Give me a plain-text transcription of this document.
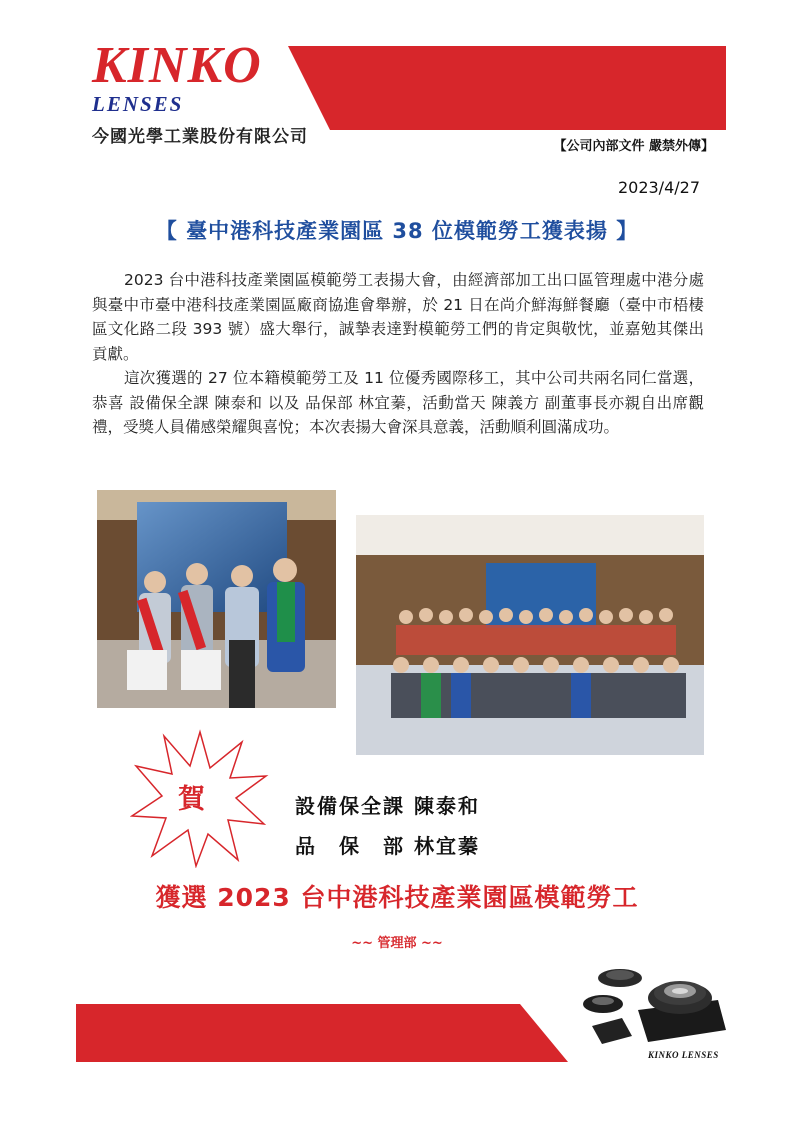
KINKO
LENSES
今國光學工業股份有限公司	【公司內部文件 嚴禁外傳】
2023/4/27
【 臺中港科技產業園區 38 位模範勞工獲表揚 】

2023 台中港科技產業園區模範勞工表揚大會，由經濟部加工出口區管理處中港分處與臺中市臺中港科技產業園區廠商協進會舉辦，於 21 日在尚介鮮海鮮餐廳（臺中市梧棲區文化路二段 393 號）盛大舉行，誠摯表達對模範勞工們的肯定與敬忱，並嘉勉其傑出貢獻。

這次獲選的 27 位本籍模範勞工及 11 位優秀國際移工，其中公司共兩名同仁當選，恭喜 設備保全課 陳泰和 以及 品保部 林宜蓁，活動當天 陳義方 副董事長亦親自出席觀禮，受獎人員備感榮耀與喜悅；本次表揚大會深具意義，活動順利圓滿成功。

賀	設備保全課 陳泰和
品　保　部 林宜蓁
獲選 2023 台中港科技產業園區模範勞工
~~ 管理部 ~~
KINKO LENSES
